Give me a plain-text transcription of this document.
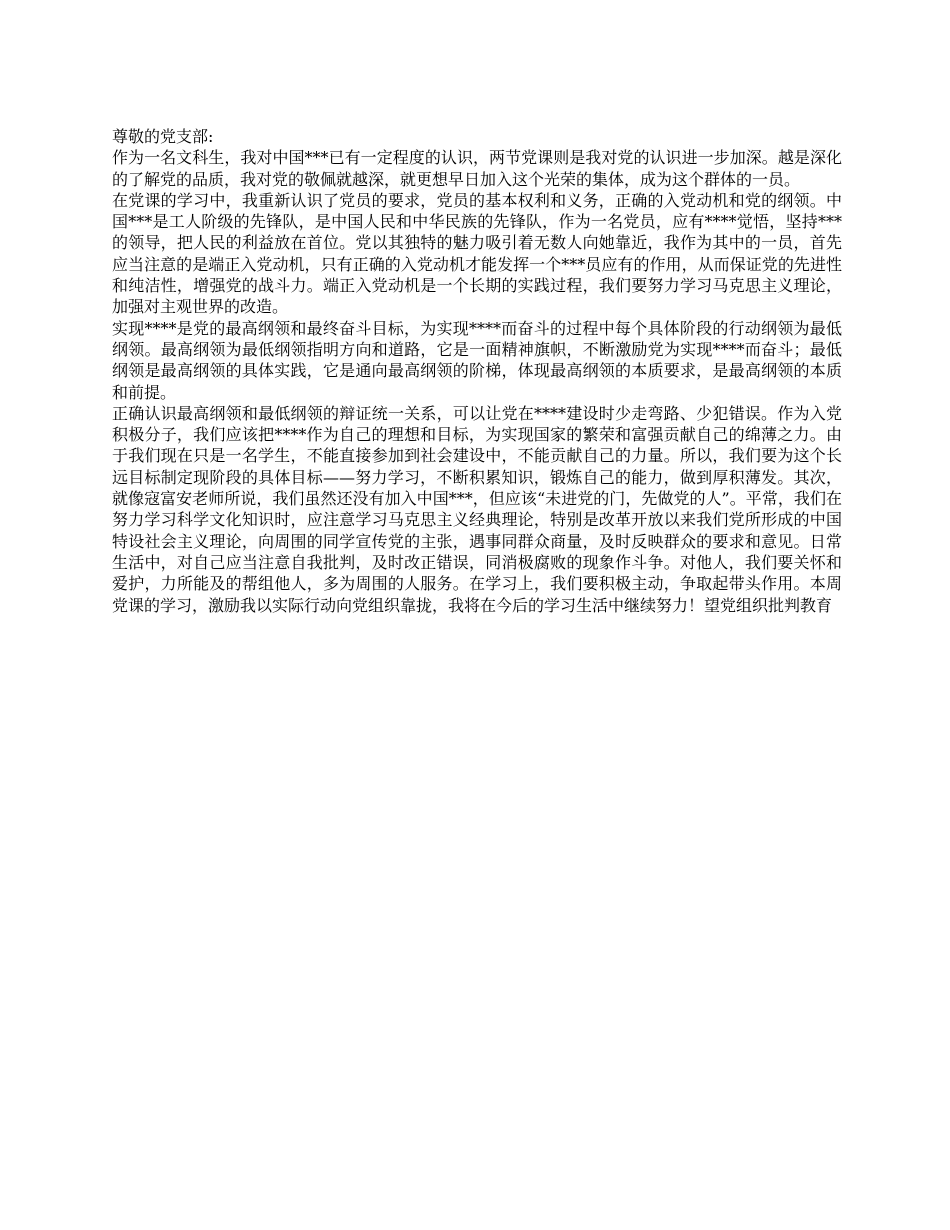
尊敬的党支部:

作为一名文科生，我对中国***已有一定程度的认识，两节党课则是我对党的认识进一步加深。越是深化的了解党的品质，我对党的敬佩就越深，就更想早日加入这个光荣的集体，成为这个群体的一员。

在党课的学习中，我重新认识了党员的要求，党员的基本权利和义务，正确的入党动机和党的纲领。中国***是工人阶级的先锋队，是中国人民和中华民族的先锋队，作为一名党员，应有****觉悟，坚持***的领导，把人民的利益放在首位。党以其独特的魅力吸引着无数人向她靠近，我作为其中的一员，首先应当注意的是端正入党动机，只有正确的入党动机才能发挥一个***员应有的作用，从而保证党的先进性和纯洁性，增强党的战斗力。端正入党动机是一个长期的实践过程，我们要努力学习马克思主义理论，加强对主观世界的改造。

实现****是党的最高纲领和最终奋斗目标，为实现****而奋斗的过程中每个具体阶段的行动纲领为最低纲领。最高纲领为最低纲领指明方向和道路，它是一面精神旗帜，不断激励党为实现****而奋斗；最低纲领是最高纲领的具体实践，它是通向最高纲领的阶梯，体现最高纲领的本质要求，是最高纲领的本质和前提。

正确认识最高纲领和最低纲领的辩证统一关系，可以让党在****建设时少走弯路、少犯错误。作为入党积极分子，我们应该把****作为自己的理想和目标，为实现国家的繁荣和富强贡献自己的绵薄之力。由于我们现在只是一名学生，不能直接参加到社会建设中，不能贡献自己的力量。所以，我们要为这个长远目标制定现阶段的具体目标——努力学习，不断积累知识，锻炼自己的能力，做到厚积薄发。其次，就像寇富安老师所说，我们虽然还没有加入中国***，但应该“未进党的门，先做党的人”。平常，我们在努力学习科学文化知识时，应注意学习马克思主义经典理论，特别是改革开放以来我们党所形成的中国特设社会主义理论，向周围的同学宣传党的主张，遇事同群众商量，及时反映群众的要求和意见。日常生活中，对自己应当注意自我批判，及时改正错误，同消极腐败的现象作斗争。对他人，我们要关怀和爱护，力所能及的帮组他人，多为周围的人服务。在学习上，我们要积极主动，争取起带头作用。本周党课的学习，激励我以实际行动向党组织靠拢，我将在今后的学习生活中继续努力！望党组织批判教育
